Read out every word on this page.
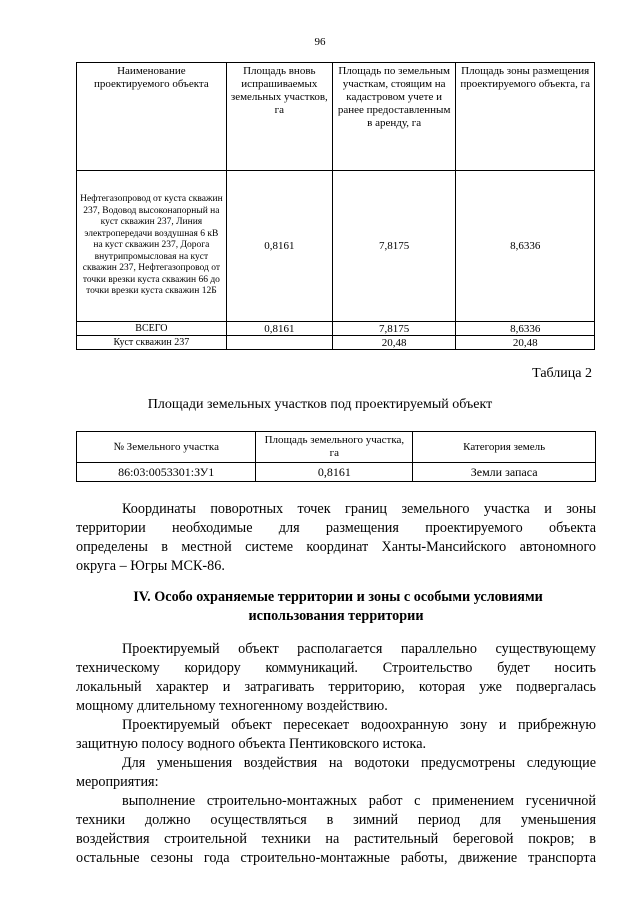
96
Наименование проектируемого объекта	Площадь вновь испрашиваемых земельных участков, га	Площадь по земельным участкам, стоящим на кадастровом учете и ранее предоставленным в аренду, га	Площадь зоны размещения проектируемого объекта, га
Нефтегазопровод от куста скважин 237, Водовод высоконапорный на куст скважин 237, Линия электропередачи воздушная 6 кВ на куст скважин 237, Дорога внутрипромысловая на куст скважин 237, Нефтегазопровод от точки врезки куста скважин 66 до точки врезки куста скважин 12Б	0,8161	7,8175	8,6336
ВСЕГО	0,8161	7,8175	8,6336
Куст скважин 237		20,48	20,48
Таблица 2
Площади земельных участков под проектируемый объект
№ Земельного участка	Площадь земельного участка, га	Категория земель
86:03:0053301:ЗУ1	0,8161	Земли запаса
Координаты поворотных точек границ земельного участка и зоны
территории необходимые для размещения проектируемого объекта
определены в местной системе координат Ханты-Мансийского автономного
округа – Югры МСК-86.
IV. Особо охраняемые территории и зоны с особыми условиями
использования территории
Проектируемый объект располагается параллельно существующему
техническому коридору коммуникаций. Строительство будет носить
локальный характер и затрагивать территорию, которая уже подвергалась
мощному длительному техногенному воздействию.
Проектируемый объект пересекает водоохранную зону и прибрежную
защитную полосу водного объекта Пентиковского истока.
Для уменьшения воздействия на водотоки предусмотрены следующие
мероприятия:
выполнение строительно-монтажных работ с применением гусеничной
техники должно осуществляться в зимний период для уменьшения
воздействия строительной техники на растительный береговой покров; в
остальные сезоны года строительно-монтажные работы, движение транспорта
